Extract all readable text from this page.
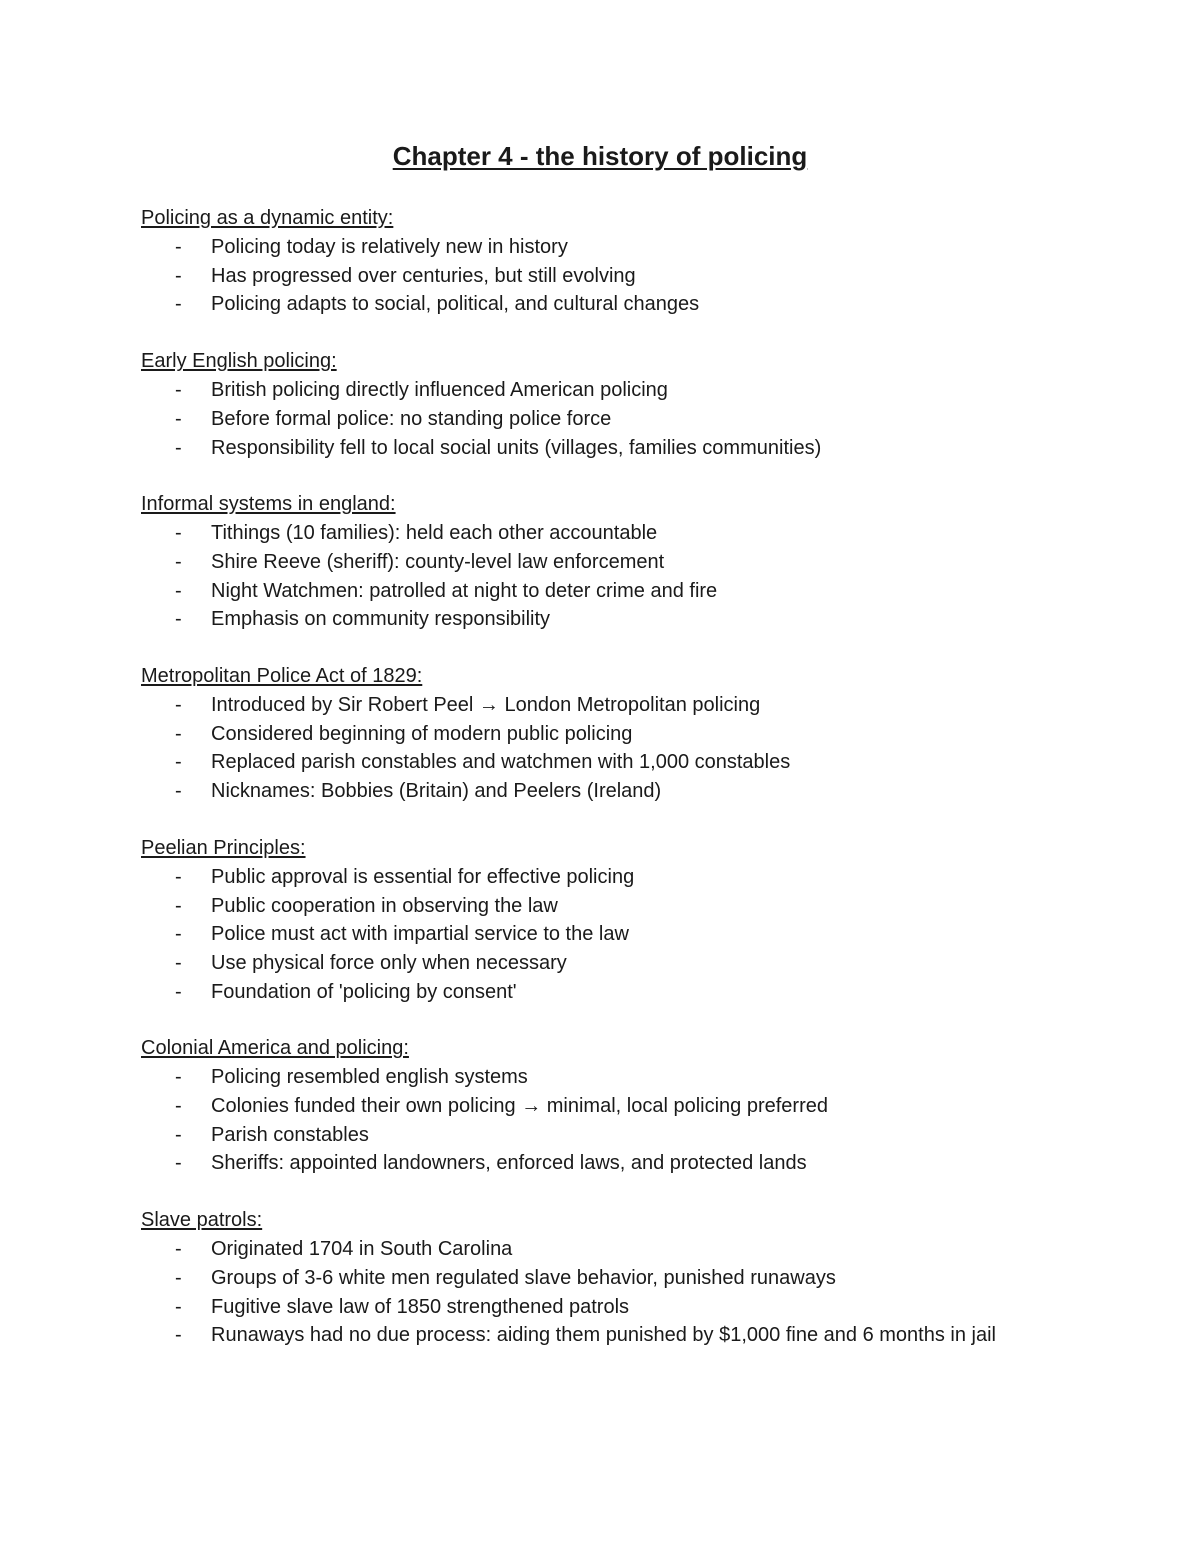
Chapter 4 - the history of policing
Policing as a dynamic entity:
- Policing today is relatively new in history
- Has progressed over centuries, but still evolving
- Policing adapts to social, political, and cultural changes
Early English policing:
- British policing directly influenced American policing
- Before formal police: no standing police force
- Responsibility fell to local social units (villages, families communities)
Informal systems in england:
- Tithings (10 families): held each other accountable
- Shire Reeve (sheriff): county-level law enforcement
- Night Watchmen: patrolled at night to deter crime and fire
- Emphasis on community responsibility
Metropolitan Police Act of 1829:
- Introduced by Sir Robert Peel → London Metropolitan policing
- Considered beginning of modern public policing
- Replaced parish constables and watchmen with 1,000 constables
- Nicknames: Bobbies (Britain) and Peelers (Ireland)
Peelian Principles:
- Public approval is essential for effective policing
- Public cooperation in observing the law
- Police must act with impartial service to the law
- Use physical force only when necessary
- Foundation of 'policing by consent'
Colonial America and policing:
- Policing resembled english systems
- Colonies funded their own policing → minimal, local policing preferred
- Parish constables
- Sheriffs: appointed landowners, enforced laws, and protected lands
Slave patrols:
- Originated 1704 in South Carolina
- Groups of 3-6 white men regulated slave behavior, punished runaways
- Fugitive slave law of 1850 strengthened patrols
- Runaways had no due process: aiding them punished by $1,000 fine and 6 months in jail
